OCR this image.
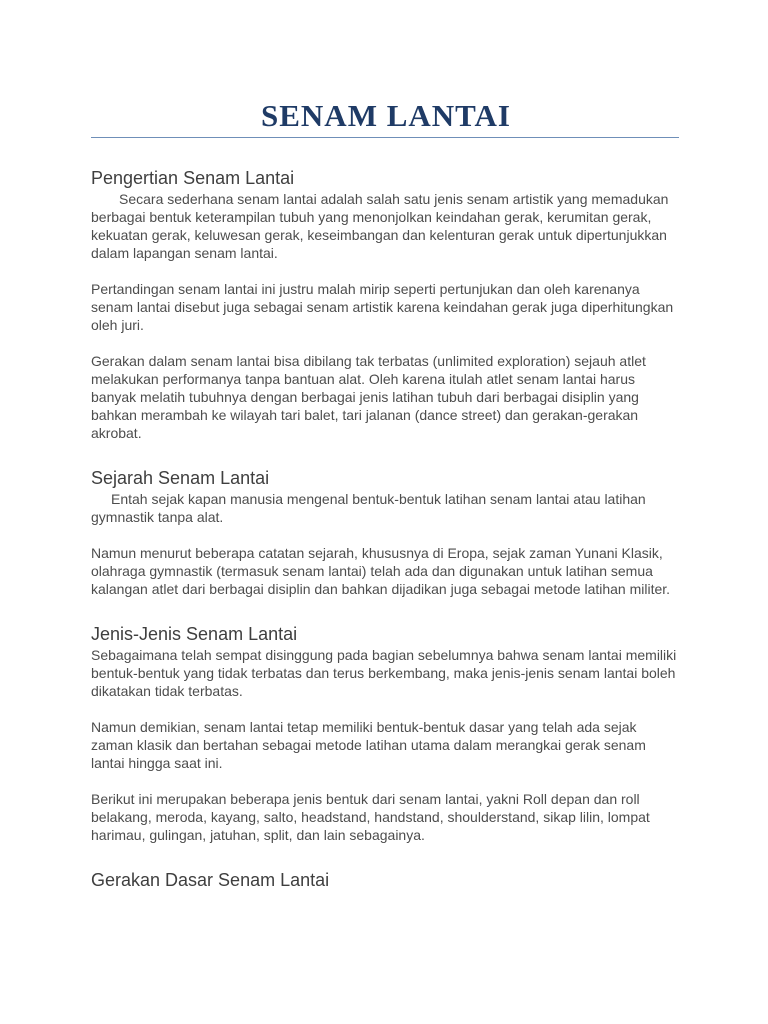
SENAM LANTAI
Pengertian Senam Lantai

Secara sederhana senam lantai adalah salah satu jenis senam artistik yang memadukan berbagai bentuk keterampilan tubuh yang menonjolkan keindahan gerak, kerumitan gerak, kekuatan gerak, keluwesan gerak, keseimbangan dan kelenturan gerak untuk dipertunjukkan dalam lapangan senam lantai.

Pertandingan senam lantai ini justru malah mirip seperti pertunjukan dan oleh karenanya senam lantai disebut juga sebagai senam artistik karena keindahan gerak juga diperhitungkan oleh juri.

Gerakan dalam senam lantai bisa dibilang tak terbatas (unlimited exploration) sejauh atlet melakukan performanya tanpa bantuan alat. Oleh karena itulah atlet senam lantai harus banyak melatih tubuhnya dengan berbagai jenis latihan tubuh dari berbagai disiplin yang bahkan merambah ke wilayah tari balet, tari jalanan (dance street) dan gerakan-gerakan akrobat.

Sejarah Senam Lantai

Entah sejak kapan manusia mengenal bentuk-bentuk latihan senam lantai atau latihan gymnastik tanpa alat.

Namun menurut beberapa catatan sejarah, khususnya di Eropa, sejak zaman Yunani Klasik, olahraga gymnastik (termasuk senam lantai) telah ada dan digunakan untuk latihan semua kalangan atlet dari berbagai disiplin dan bahkan dijadikan juga sebagai metode latihan militer.

Jenis-Jenis Senam Lantai

Sebagaimana telah sempat disinggung pada bagian sebelumnya bahwa senam lantai memiliki bentuk-bentuk yang tidak terbatas dan terus berkembang, maka jenis-jenis senam lantai boleh dikatakan tidak terbatas.

Namun demikian, senam lantai tetap memiliki bentuk-bentuk dasar yang telah ada sejak zaman klasik dan bertahan sebagai metode latihan utama dalam merangkai gerak senam lantai hingga saat ini.

Berikut ini merupakan beberapa jenis bentuk dari senam lantai, yakni Roll depan dan roll belakang, meroda, kayang, salto, headstand, handstand, shoulderstand, sikap lilin, lompat harimau, gulingan, jatuhan, split, dan lain sebagainya.

Gerakan Dasar Senam Lantai
